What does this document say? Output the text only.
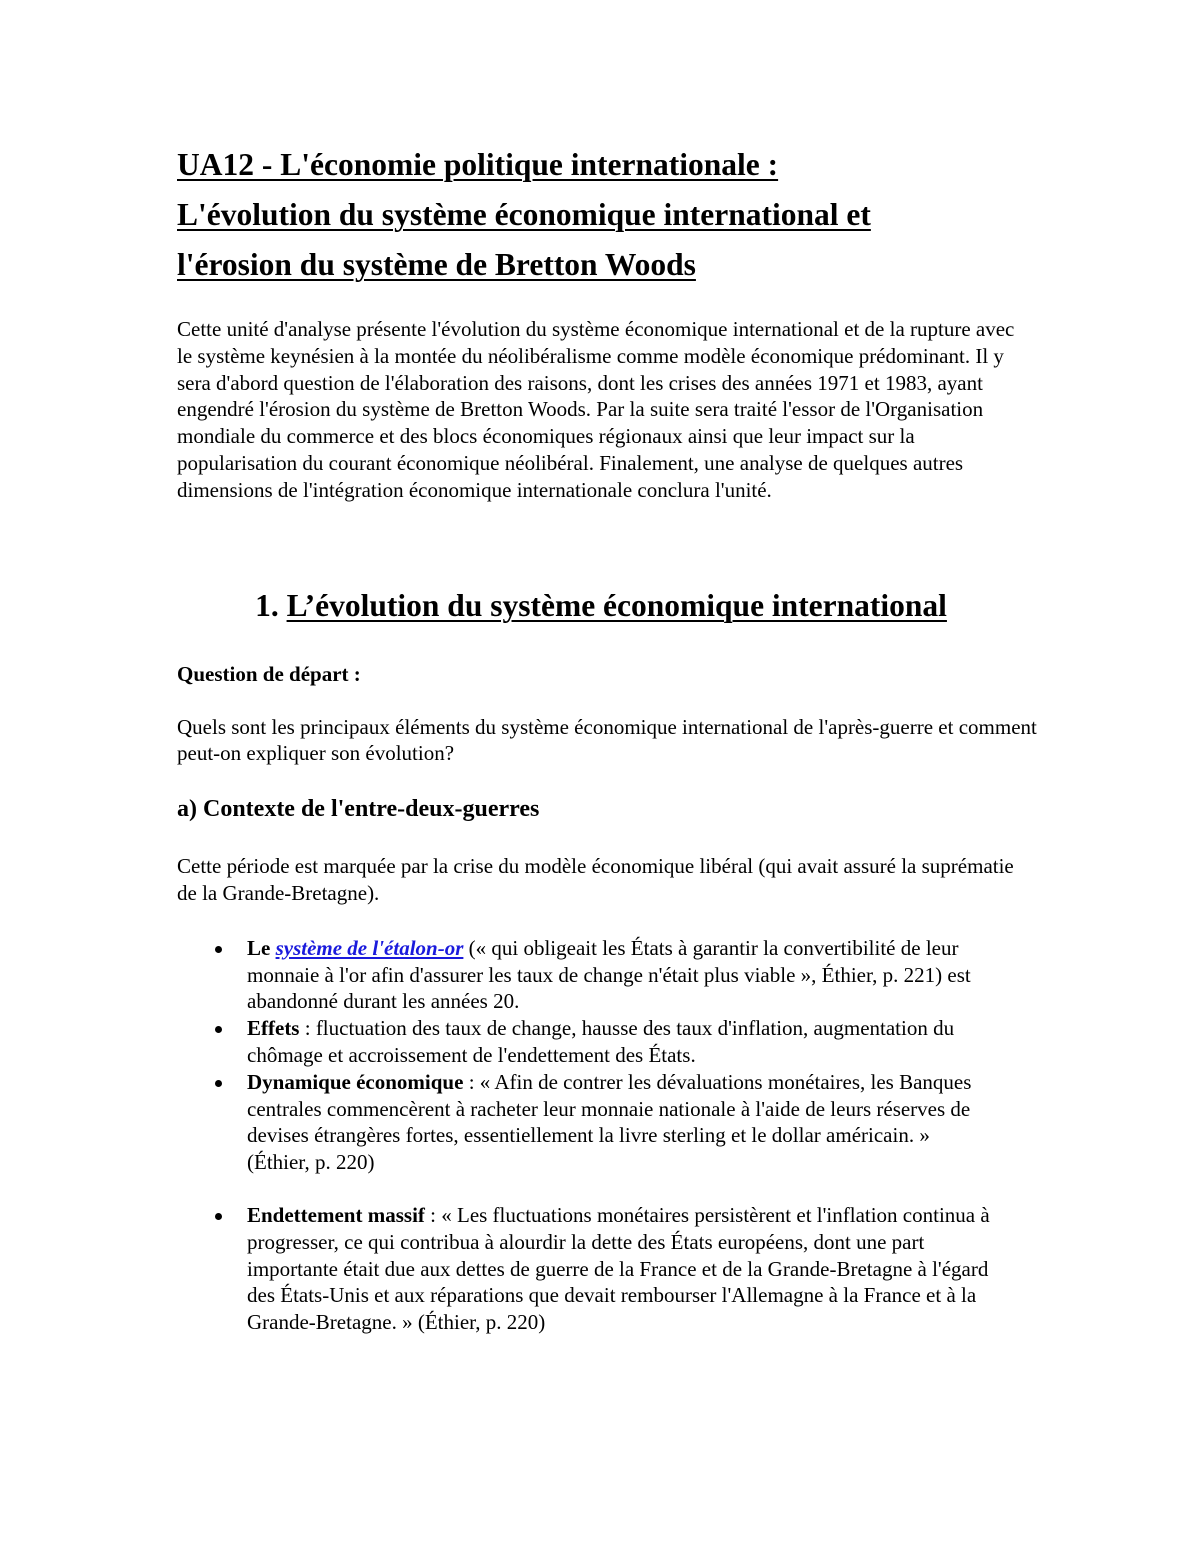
UA12 - L'économie politique internationale :
L'évolution du système économique international et
l'érosion du système de Bretton Woods

Cette unité d'analyse présente l'évolution du système économique international et de la rupture avec le système keynésien à la montée du néolibéralisme comme modèle économique prédominant. Il y sera d'abord question de l'élaboration des raisons, dont les crises des années 1971 et 1983, ayant engendré l'érosion du système de Bretton Woods. Par la suite sera traité l'essor de l'Organisation mondiale du commerce et des blocs économiques régionaux ainsi que leur impact sur la popularisation du courant économique néolibéral. Finalement, une analyse de quelques autres dimensions de l'intégration économique internationale conclura l'unité.

1. L’évolution du système économique international

Question de départ :

Quels sont les principaux éléments du système économique international de l'après-guerre et comment peut-on expliquer son évolution?

a) Contexte de l'entre-deux-guerres

Cette période est marquée par la crise du modèle économique libéral (qui avait assuré la suprématie de la Grande-Bretagne).

Le système de l'étalon-or (« qui obligeait les États à garantir la convertibilité de leur monnaie à l'or afin d'assurer les taux de change n'était plus viable », Éthier, p. 221) est abandonné durant les années 20.
Effets : fluctuation des taux de change, hausse des taux d'inflation, augmentation du chômage et accroissement de l'endettement des États.
Dynamique économique : « Afin de contrer les dévaluations monétaires, les Banques centrales commencèrent à racheter leur monnaie nationale à l'aide de leurs réserves de devises étrangères fortes, essentiellement la livre sterling et le dollar américain. » (Éthier, p. 220)
Endettement massif : « Les fluctuations monétaires persistèrent et l'inflation continua à progresser, ce qui contribua à alourdir la dette des États européens, dont une part importante était due aux dettes de guerre de la France et de la Grande-Bretagne à l'égard des États-Unis et aux réparations que devait rembourser l'Allemagne à la France et à la Grande-Bretagne. » (Éthier, p. 220)
